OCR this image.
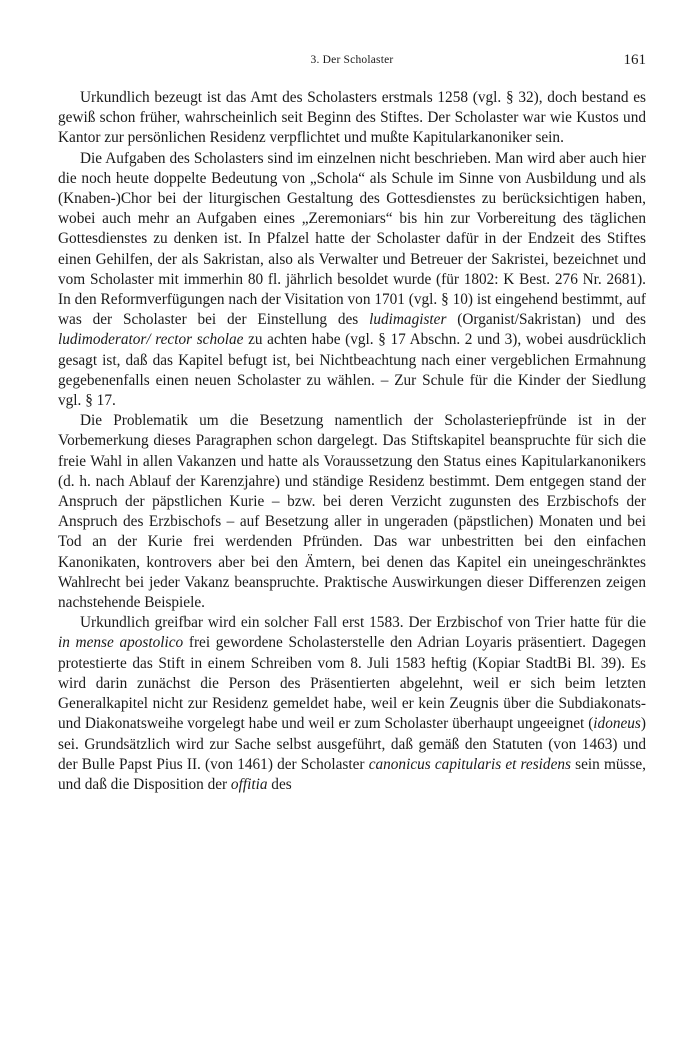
3. Der Scholaster	161

Urkundlich bezeugt ist das Amt des Scholasters erstmals 1258 (vgl. § 32), doch bestand es gewiß schon früher, wahrscheinlich seit Beginn des Stiftes. Der Scholaster war wie Kustos und Kantor zur persönlichen Residenz verpflichtet und mußte Kapitularkanoniker sein.

Die Aufgaben des Scholasters sind im einzelnen nicht beschrieben. Man wird aber auch hier die noch heute doppelte Bedeutung von „Schola“ als Schule im Sinne von Ausbildung und als (Knaben-)Chor bei der liturgischen Gestaltung des Gottesdienstes zu berücksichtigen haben, wobei auch mehr an Aufgaben eines „Zeremoniars“ bis hin zur Vorbereitung des täglichen Gottesdienstes zu denken ist. In Pfalzel hatte der Scholaster dafür in der Endzeit des Stiftes einen Gehilfen, der als Sakristan, also als Verwalter und Betreuer der Sakristei, bezeichnet und vom Scholaster mit immerhin 80 fl. jährlich besoldet wurde (für 1802: K Best. 276 Nr. 2681). In den Reformverfügungen nach der Visitation von 1701 (vgl. § 10) ist eingehend bestimmt, auf was der Scholaster bei der Einstellung des ludimagister (Organist/Sakristan) und des ludimoderator/ rector scholae zu achten habe (vgl. § 17 Abschn. 2 und 3), wobei ausdrücklich gesagt ist, daß das Kapitel befugt ist, bei Nichtbeachtung nach einer vergeblichen Ermahnung gegebenenfalls einen neuen Scholaster zu wählen. – Zur Schule für die Kinder der Siedlung vgl. § 17.

Die Problematik um die Besetzung namentlich der Scholasteriepfründe ist in der Vorbemerkung dieses Paragraphen schon dargelegt. Das Stiftskapitel beanspruchte für sich die freie Wahl in allen Vakanzen und hatte als Voraussetzung den Status eines Kapitularkanonikers (d. h. nach Ablauf der Karenzjahre) und ständige Residenz bestimmt. Dem entgegen stand der Anspruch der päpstlichen Kurie – bzw. bei deren Verzicht zugunsten des Erzbischofs der Anspruch des Erzbischofs – auf Besetzung aller in ungeraden (päpstlichen) Monaten und bei Tod an der Kurie frei werdenden Pfründen. Das war unbestritten bei den einfachen Kanonikaten, kontrovers aber bei den Ämtern, bei denen das Kapitel ein uneingeschränktes Wahlrecht bei jeder Vakanz beanspruchte. Praktische Auswirkungen dieser Differenzen zeigen nachstehende Beispiele.

Urkundlich greifbar wird ein solcher Fall erst 1583. Der Erzbischof von Trier hatte für die in mense apostolico frei gewordene Scholasterstelle den Adrian Loyaris präsentiert. Dagegen protestierte das Stift in einem Schreiben vom 8. Juli 1583 heftig (Kopiar StadtBi Bl. 39). Es wird darin zunächst die Person des Präsentierten abgelehnt, weil er sich beim letzten Generalkapitel nicht zur Residenz gemeldet habe, weil er kein Zeugnis über die Subdiakonats- und Diakonatsweihe vorgelegt habe und weil er zum Scholaster überhaupt ungeeignet (idoneus) sei. Grundsätzlich wird zur Sache selbst ausgeführt, daß gemäß den Statuten (von 1463) und der Bulle Papst Pius II. (von 1461) der Scholaster canonicus capitularis et residens sein müsse, und daß die Disposition der offitia des
